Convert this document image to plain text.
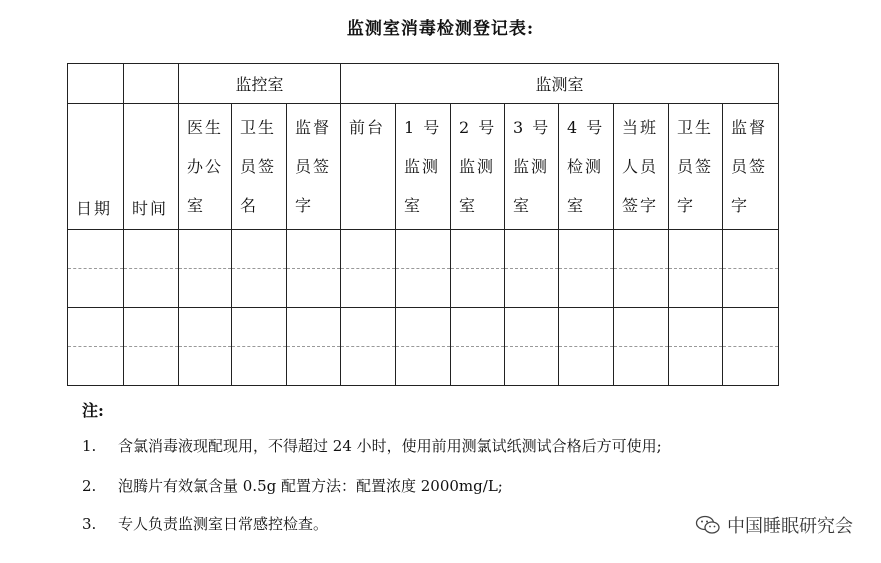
监测室消毒检测登记表:
		监控室			监测室							
日期	时间	医生
办公
室	卫生
员签
名	监督
员签
字	前台	1 号
监测
室	2 号
监测
室	3 号
监测
室	4 号
检测
室	当班
人员
签字	卫生
员签
字	监督
员签
字

注:
1. 含氯消毒液现配现用，不得超过 24 小时，使用前用测氯试纸测试合格后方可使用;
2. 泡腾片有效氯含量 0.5g 配置方法：配置浓度 2000mg/L;
3. 专人负责监测室日常感控检查。	中国睡眠研究会
